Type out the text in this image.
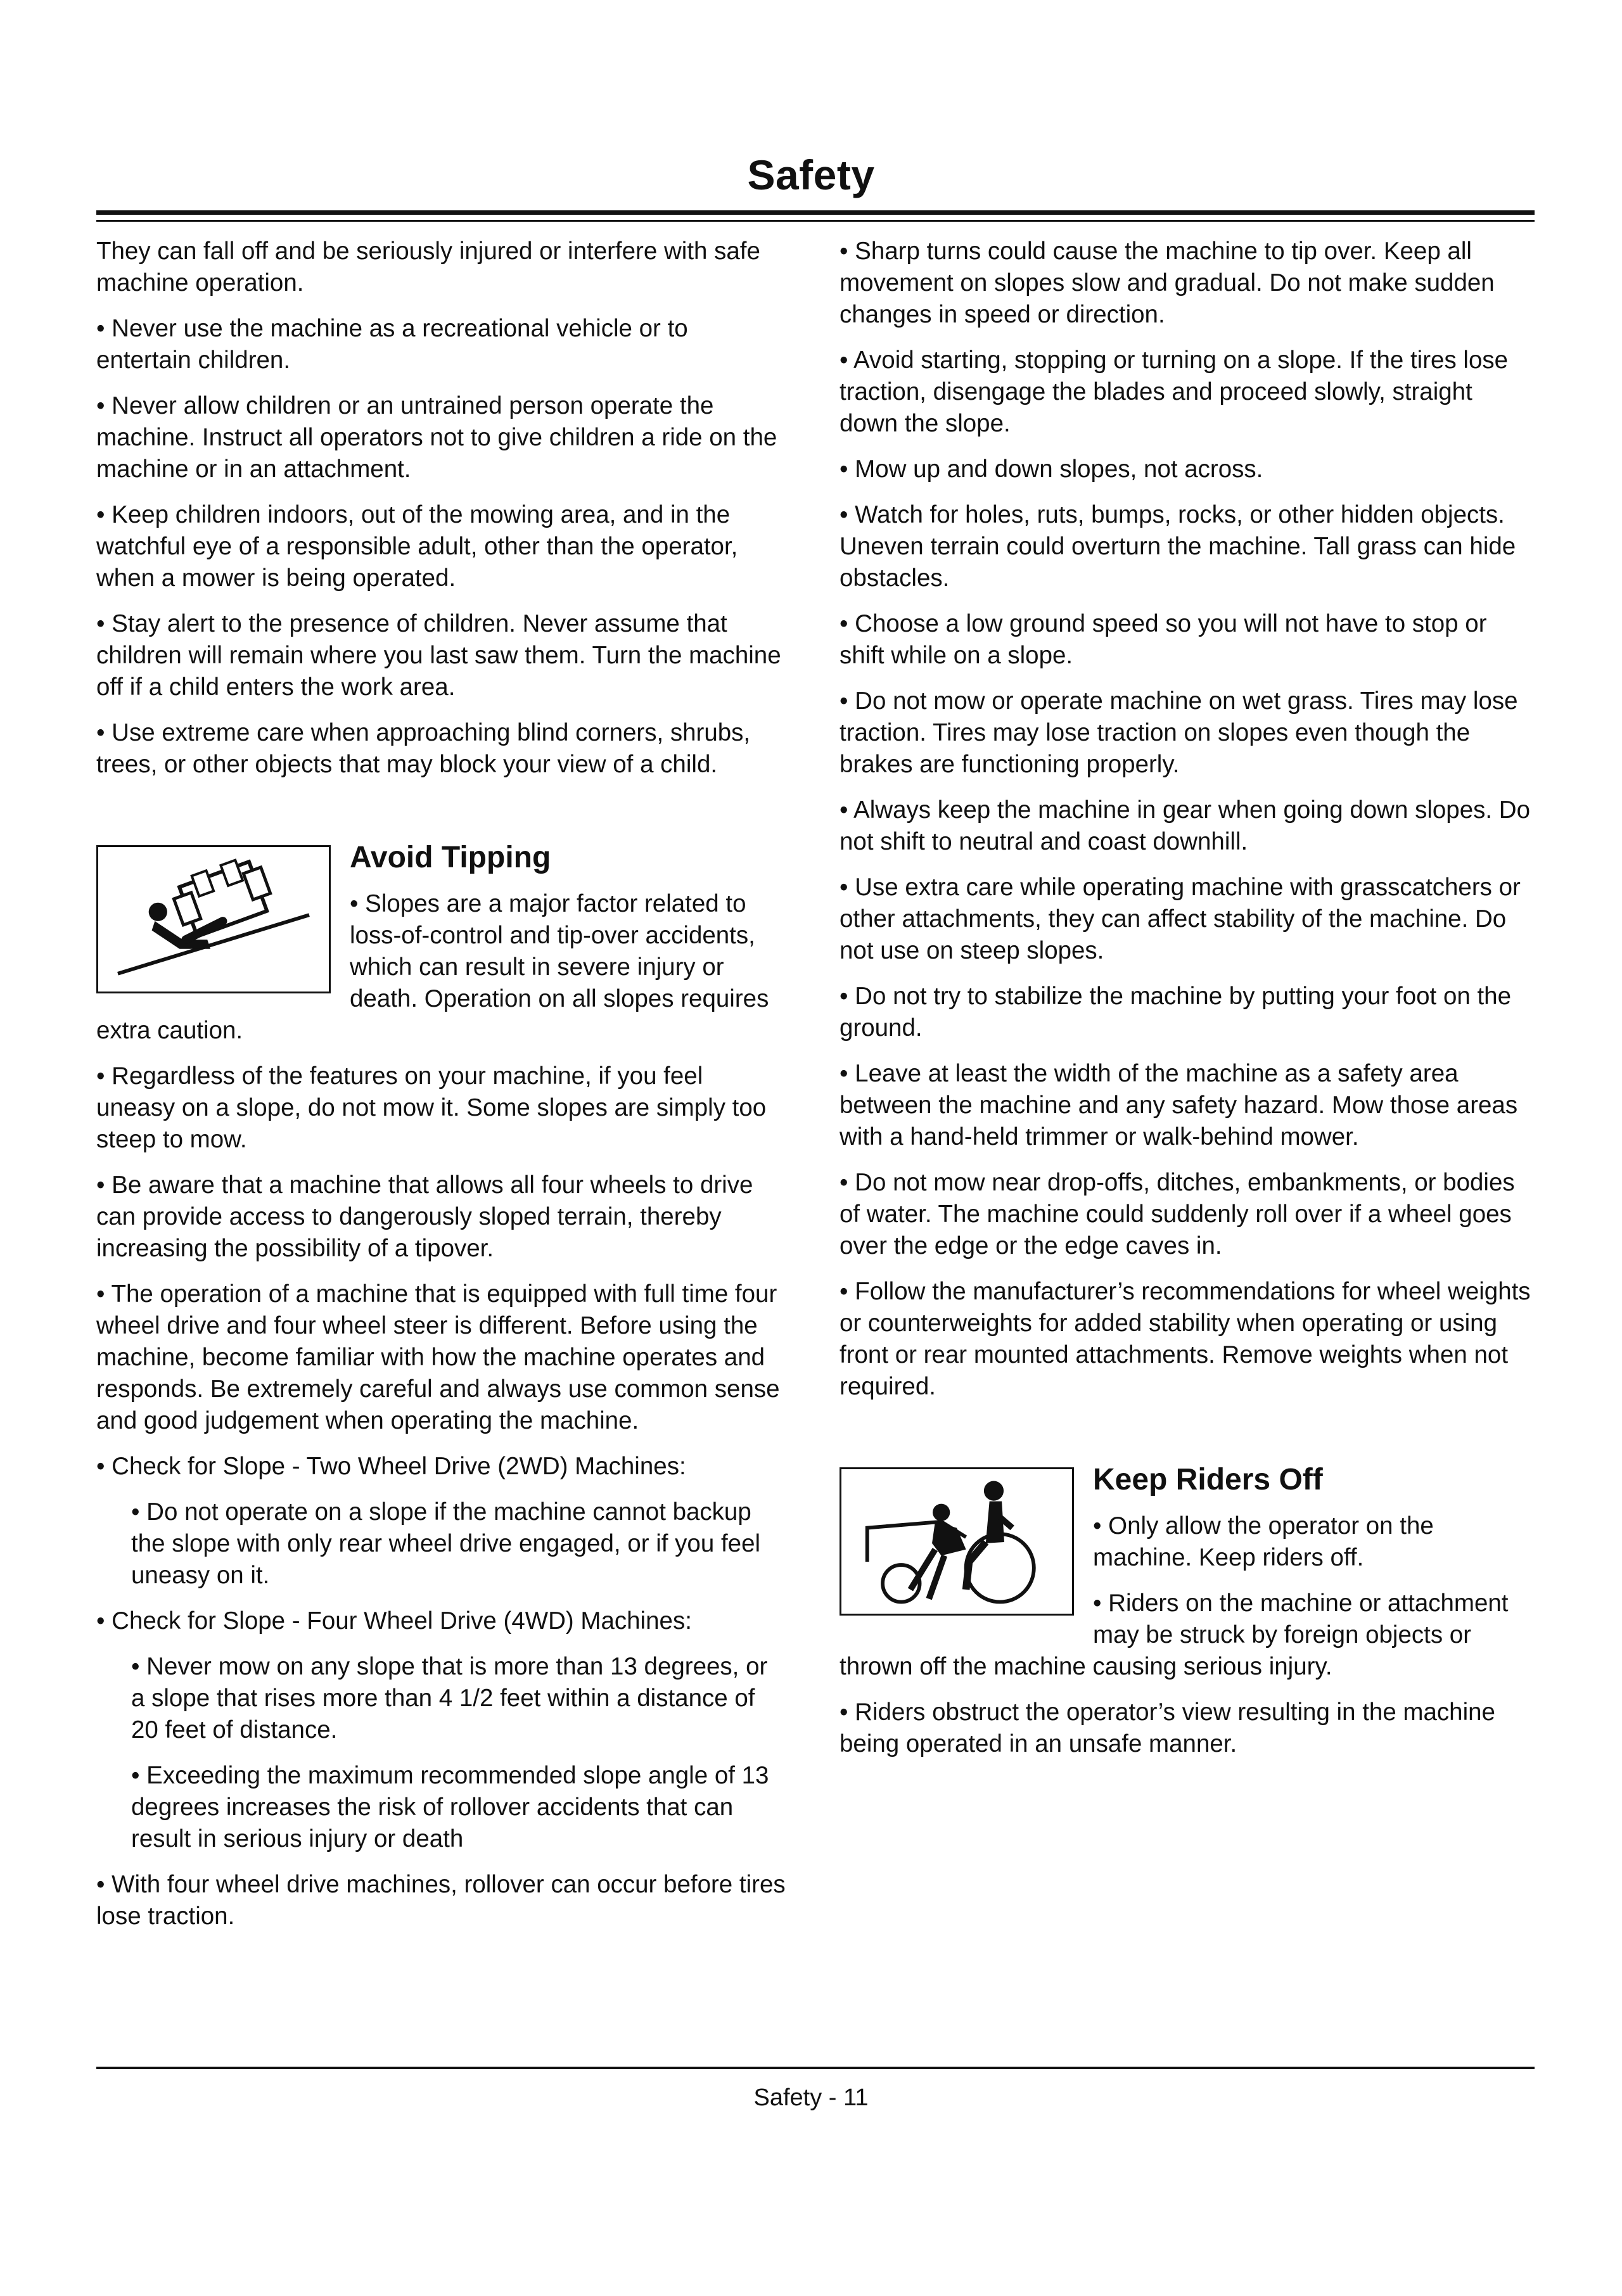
Safety

They can fall off and be seriously injured or interfere with safe machine operation.

• Never use the machine as a recreational vehicle or to entertain children.

• Never allow children or an untrained person operate the machine. Instruct all operators not to give children a ride on the machine or in an attachment.

• Keep children indoors, out of the mowing area, and in the watchful eye of a responsible adult, other than the operator, when a mower is being operated.

• Stay alert to the presence of children. Never assume that children will remain where you last saw them. Turn the machine off if a child enters the work area.

• Use extreme care when approaching blind corners, shrubs, trees, or other objects that may block your view of a child.

Avoid Tipping

• Slopes are a major factor related to loss-of-control and tip-over accidents, which can result in severe injury or death. Operation on all slopes requires extra caution.

• Regardless of the features on your machine, if you feel uneasy on a slope, do not mow it. Some slopes are simply too steep to mow.

• Be aware that a machine that allows all four wheels to drive can provide access to dangerously sloped terrain, thereby increasing the possibility of a tipover.

• The operation of a machine that is equipped with full time four wheel drive and four wheel steer is different. Before using the machine, become familiar with how the machine operates and responds. Be extremely careful and always use common sense and good judgement when operating the machine.

• Check for Slope - Two Wheel Drive (2WD) Machines:

• Do not operate on a slope if the machine cannot backup the slope with only rear wheel drive engaged, or if you feel uneasy on it.

• Check for Slope - Four Wheel Drive (4WD) Machines:

• Never mow on any slope that is more than 13 degrees, or a slope that rises more than 4 1/2 feet within a distance of 20 feet of distance.

• Exceeding the maximum recommended slope angle of 13 degrees increases the risk of rollover accidents that can result in serious injury or death

• With four wheel drive machines, rollover can occur before tires lose traction.

• Sharp turns could cause the machine to tip over. Keep all movement on slopes slow and gradual. Do not make sudden changes in speed or direction.

• Avoid starting, stopping or turning on a slope. If the tires lose traction, disengage the blades and proceed slowly, straight down the slope.

• Mow up and down slopes, not across.

• Watch for holes, ruts, bumps, rocks, or other hidden objects. Uneven terrain could overturn the machine. Tall grass can hide obstacles.

• Choose a low ground speed so you will not have to stop or shift while on a slope.

• Do not mow or operate machine on wet grass. Tires may lose traction. Tires may lose traction on slopes even though the brakes are functioning properly.

• Always keep the machine in gear when going down slopes. Do not shift to neutral and coast downhill.

• Use extra care while operating machine with grasscatchers or other attachments, they can affect stability of the machine. Do not use on steep slopes.

• Do not try to stabilize the machine by putting your foot on the ground.

• Leave at least the width of the machine as a safety area between the machine and any safety hazard. Mow those areas with a hand-held trimmer or walk-behind mower.

• Do not mow near drop-offs, ditches, embankments, or bodies of water. The machine could suddenly roll over if a wheel goes over the edge or the edge caves in.

• Follow the manufacturer’s recommendations for wheel weights or counterweights for added stability when operating or using front or rear mounted attachments. Remove weights when not required.

Keep Riders Off

• Only allow the operator on the machine. Keep riders off.

• Riders on the machine or attachment may be struck by foreign objects or thrown off the machine causing serious injury.

• Riders obstruct the operator’s view resulting in the machine being operated in an unsafe manner.

Safety - 11
